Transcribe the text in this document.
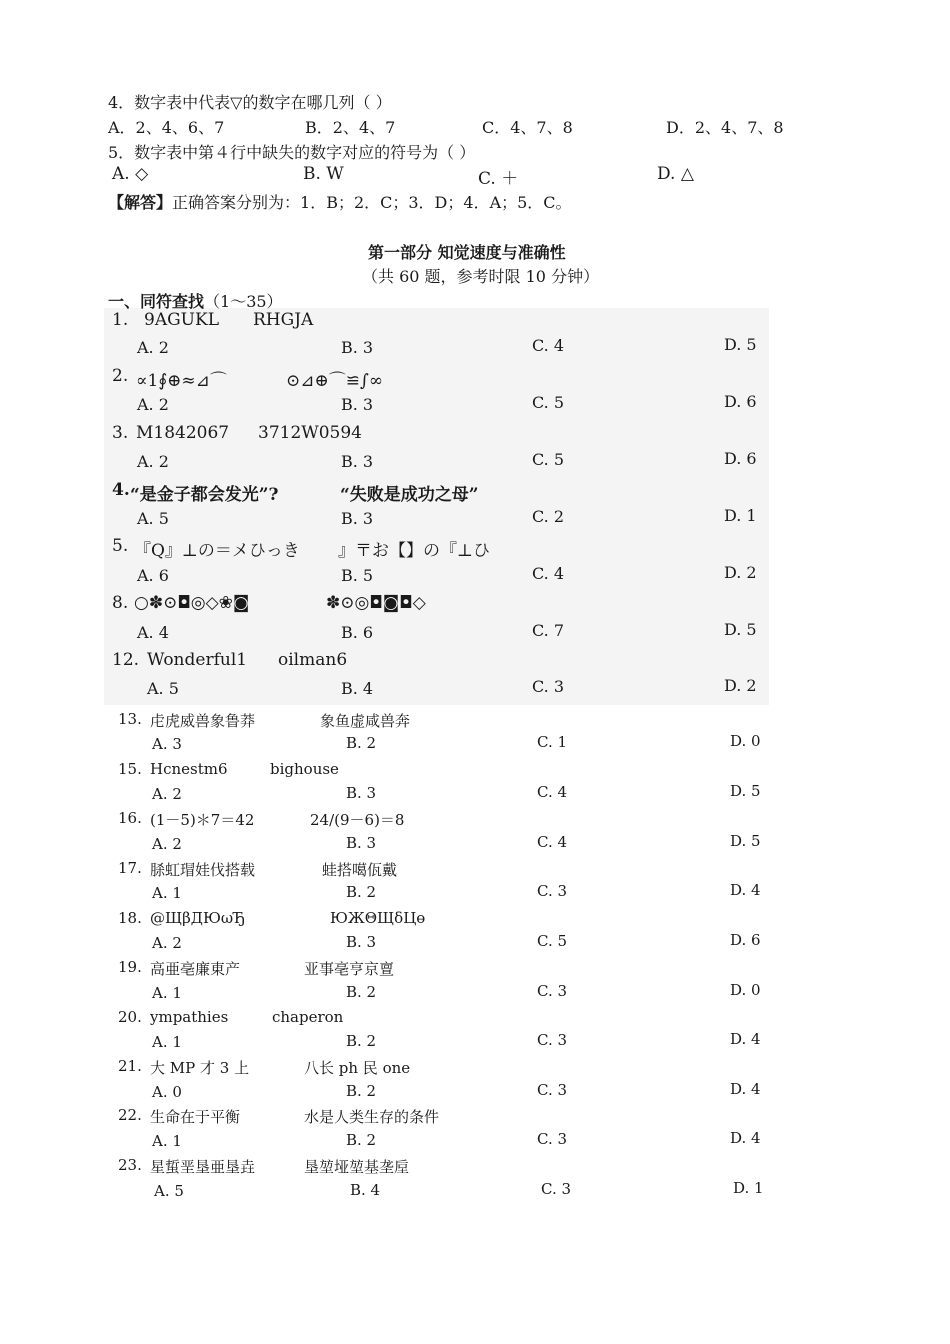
4．数字表中代表▽的数字在哪几列（ ）
A．2、4、6、7	B．2、4、7	C．4、7、8	D．2、4、7、8
5．数字表中第４行中缺失的数字对应的符号为（ ）
A. ◇	B. W	C. ＋	D. △
【解答】正确答案分别为：1．B；2．C；3．D；4．A；5．C。
第一部分 知觉速度与准确性
（共 60 题，参考时限 10 分钟）
一、同符查找（1～35）
1. 9AGUKL RHGJA
A. 2	B. 3	C. 4	D. 5
2. ∝1∮⊕≈⊿⌒	⊙⊿⊕⌒≌∫∞
A. 2	B. 3	C. 5	D. 6
3. M1842067 3712W0594
A. 2	B. 3	C. 5	D. 6
4. “是金子都会发光”?	“失败是成功之母”
A. 5	B. 3	C. 2	D. 1
5. 『Q』⊥の＝メひっき 』〒お【】の『⊥ひ
A. 6	B. 5	C. 4	D. 2
8. ○✽⊙◘◎◇❀◙	✽⊙◎◘◙◘◇
A. 4	B. 6	C. 7	D. 5
12. Wonderful1 oilman6
A. 5	B. 4	C. 3	D. 2
13. 虍虎威兽象鲁莽	象鱼虚咸兽奔
A. 3	B. 2	C. 1	D. 0
15. Hcnestm6	bighouse
A. 2	B. 3	C. 4	D. 5
16. (1－5)＊7＝42	24/(9－6)＝8
A. 2	B. 3	C. 4	D. 5
17. 脎虹瑁娃伐搭载	蛙搭噶佤戴
A. 1	B. 2	C. 3	D. 4
18. @ЩβДЮωЂ	ЮЖΘЩδЦɵ
A. 2	B. 3	C. 5	D. 6
19. 高亜亳廉東产	亚事亳亨京亶
A. 1	B. 2	C. 3	D. 0
20. ympathies	chaperon
A. 1	B. 2	C. 3	D. 4
21. 大 MP 才 3 上	八长 ph 民 one
A. 0	B. 2	C. 3	D. 4
22. 生命在于平衡	水是人类生存的条件
A. 1	B. 2	C. 3	D. 4
23. 星蜇垩垦亜垦垚	垦堃垭堃基垄垕
A. 5	B. 4	C. 3	D. 1
